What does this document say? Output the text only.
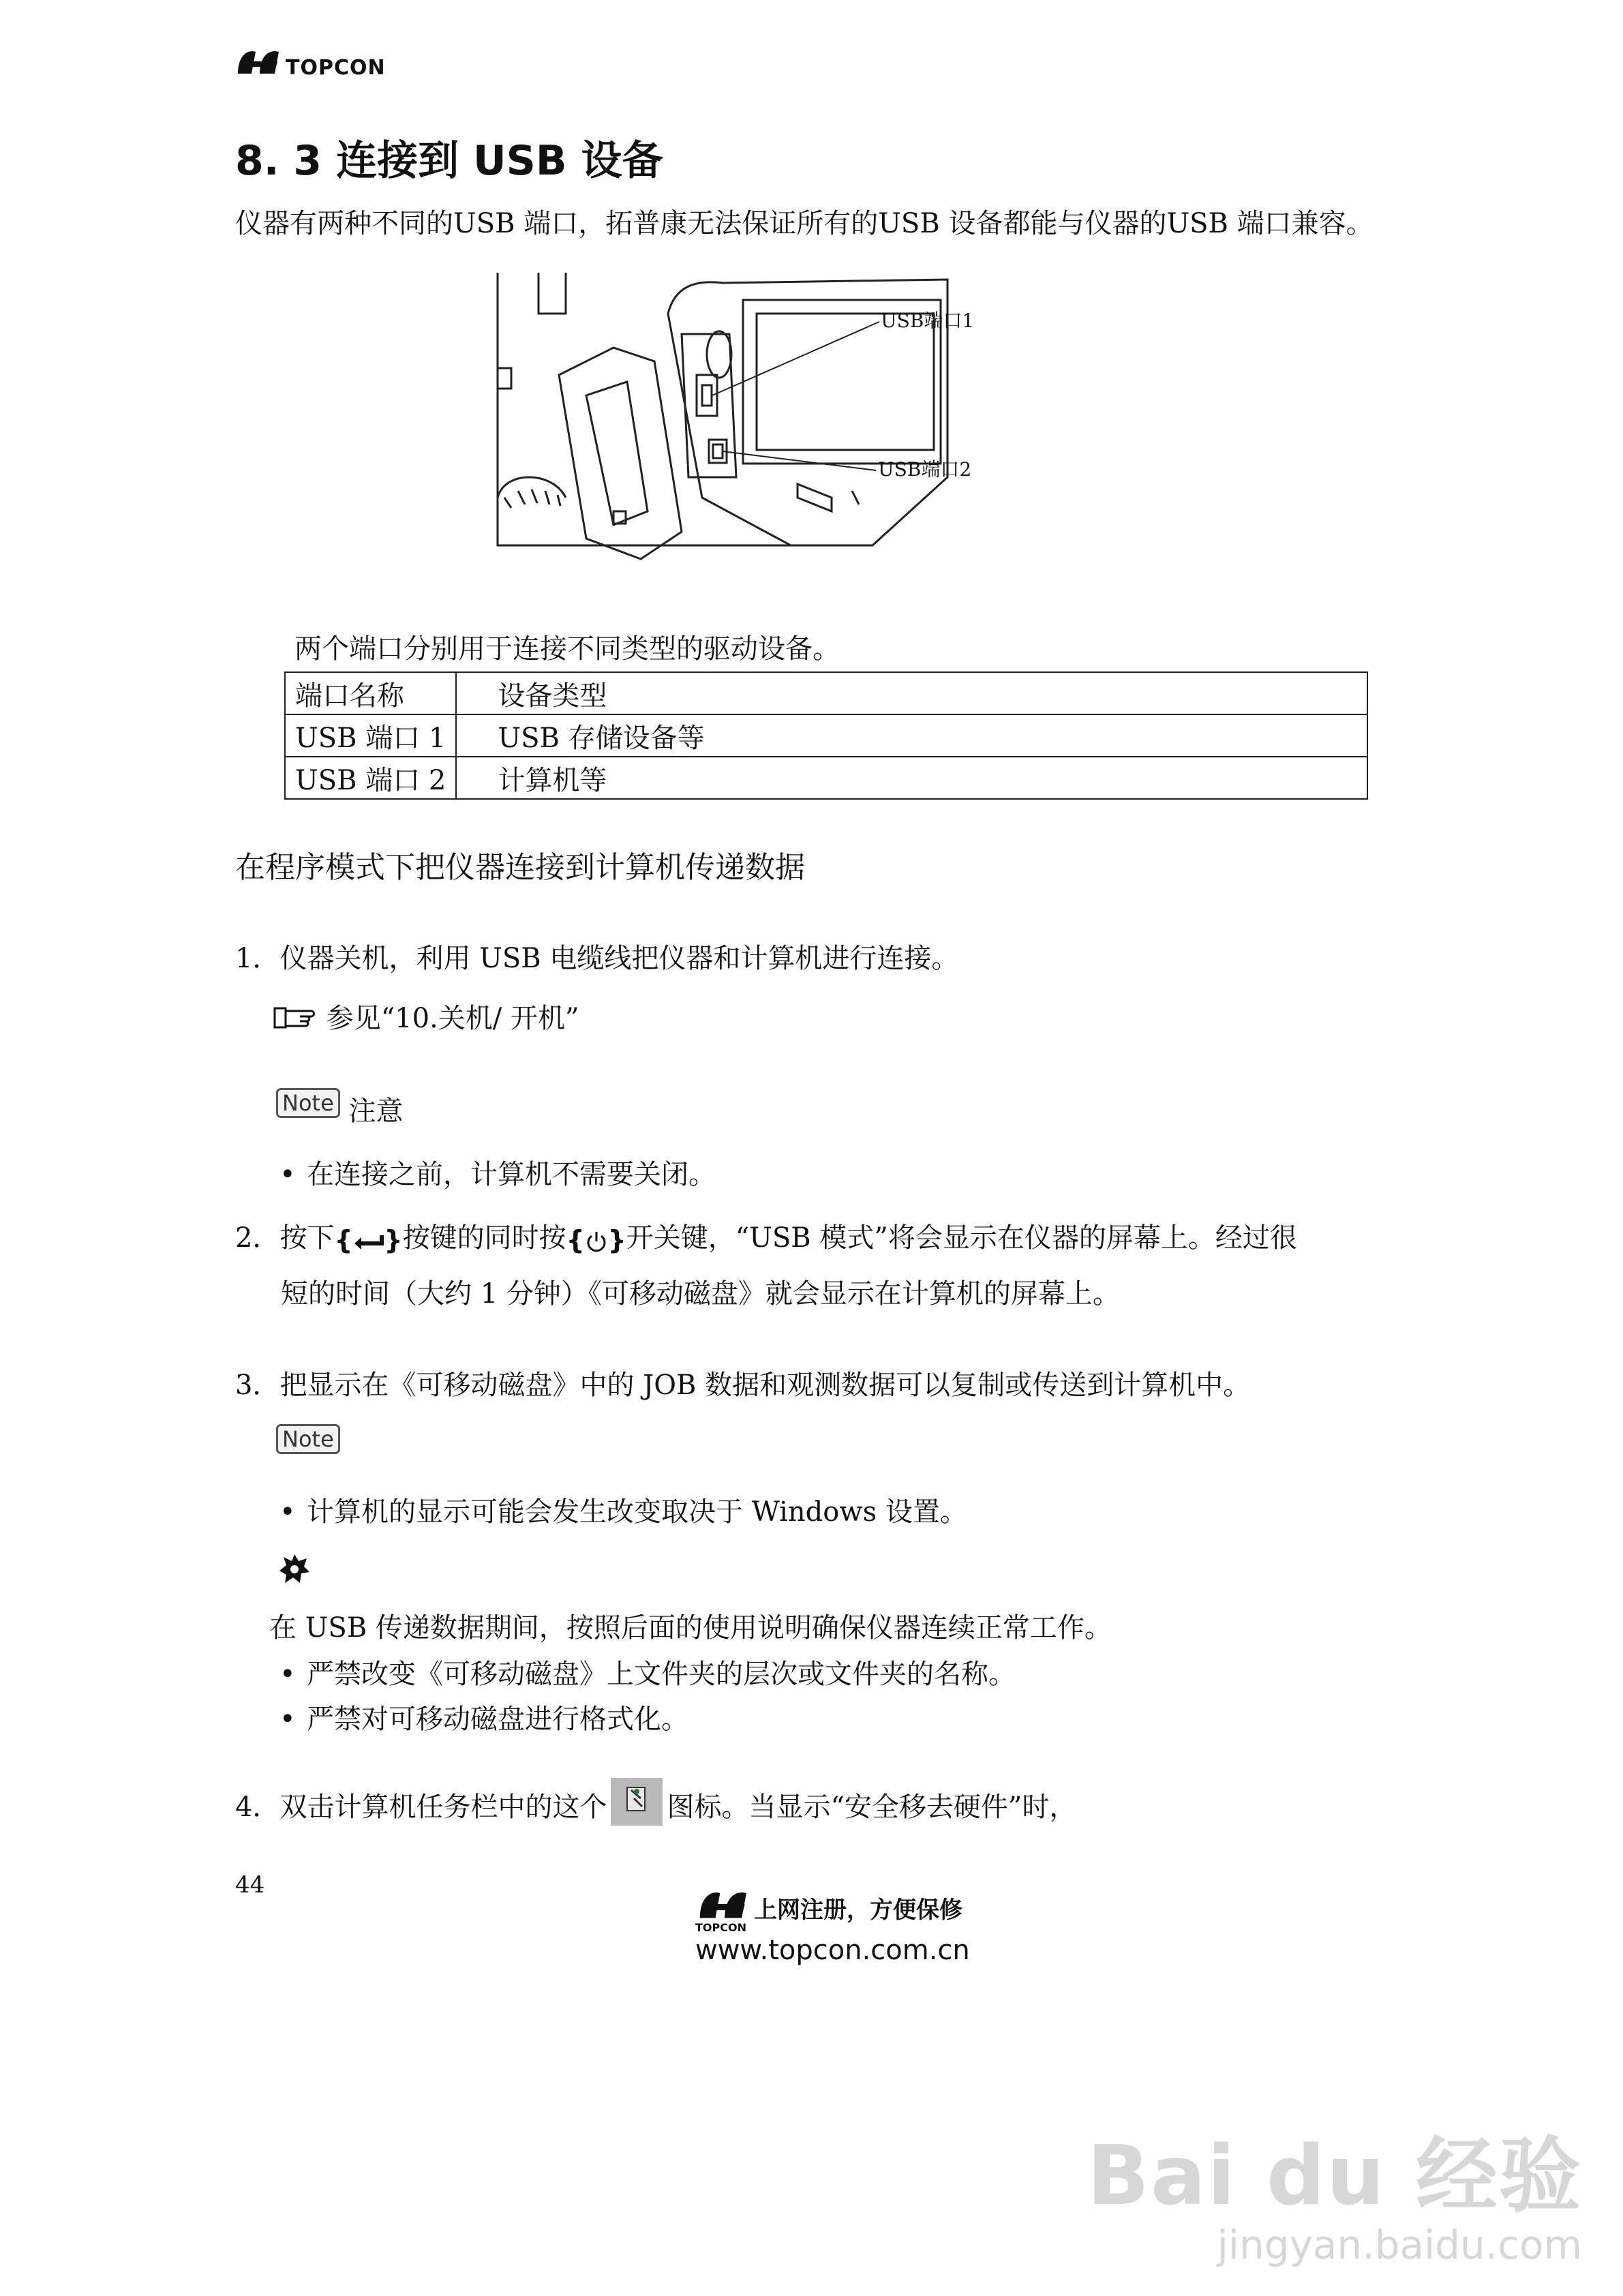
TOPCON
8. 3 连接到 USB 设备
仪器有两种不同的USB 端口，拓普康无法保证所有的USB 设备都能与仪器的USB 端口兼容。
USB端口1
USB端口2
两个端口分别用于连接不同类型的驱动设备。
端口名称	设备类型
USB 端口 1	USB 存储设备等
USB 端口 2	计算机等
在程序模式下把仪器连接到计算机传递数据
1．仪器关机，利用 USB 电缆线把仪器和计算机进行连接。
参见“10.关机/ 开机”
Note 注意
• 在连接之前，计算机不需要关闭。
2．按下{ }按键的同时按{ }开关键，“USB 模式”将会显示在仪器的屏幕上。经过很
短的时间（大约 1 分钟）《可移动磁盘》就会显示在计算机的屏幕上。
3．把显示在《可移动磁盘》中的 JOB 数据和观测数据可以复制或传送到计算机中。
Note
• 计算机的显示可能会发生改变取决于 Windows 设置。
在 USB 传递数据期间，按照后面的使用说明确保仪器连续正常工作。
• 严禁改变《可移动磁盘》上文件夹的层次或文件夹的名称。
• 严禁对可移动磁盘进行格式化。
4．双击计算机任务栏中的这个 图标。当显示“安全移去硬件”时，
44
上网注册，方便保修
TOPCON
www.topcon.com.cn
Bai du 经验
jingyan.baidu.com
